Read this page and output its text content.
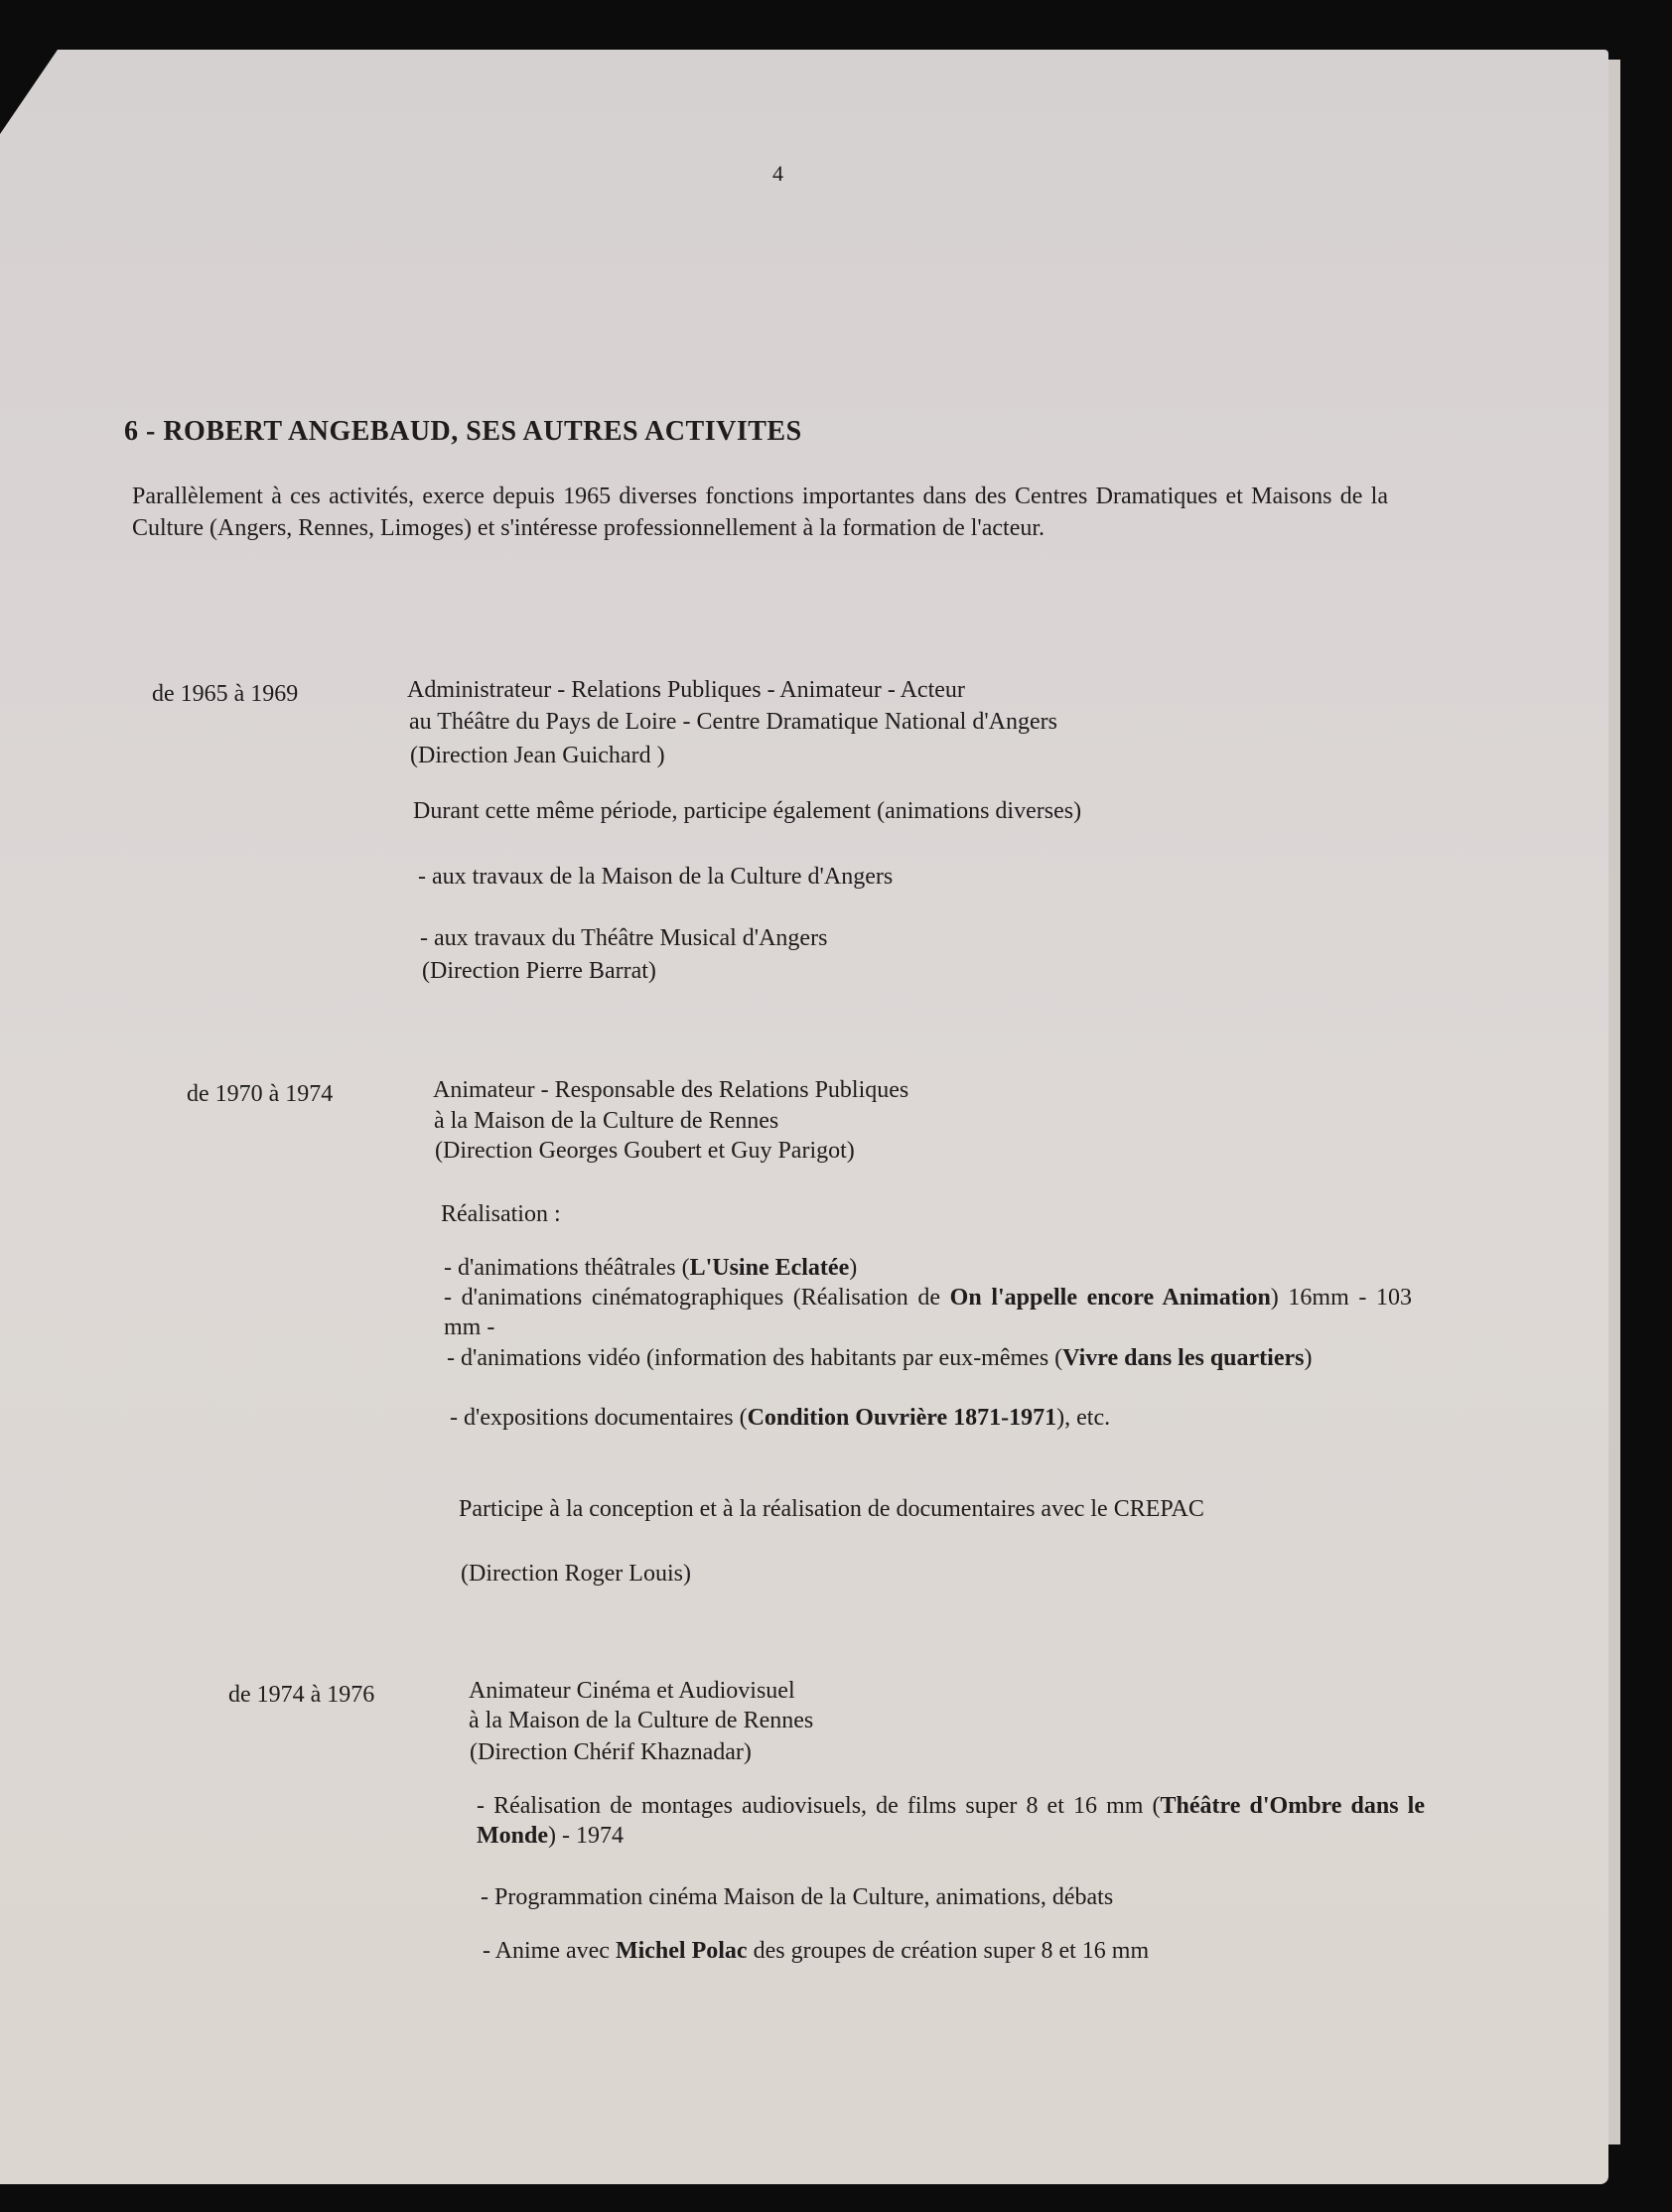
4
6 - ROBERT ANGEBAUD, SES AUTRES ACTIVITES
Parallèlement à ces activités, exerce depuis 1965 diverses fonctions importantes dans des Centres Dramatiques et Maisons de la Culture (Angers, Rennes, Limoges) et s'intéresse professionnellement à la formation de l'acteur.
de 1965 à 1969	Administrateur - Relations Publiques - Animateur - Acteur
au Théâtre du Pays de Loire - Centre Dramatique National d'Angers
(Direction Jean Guichard )
Durant cette même période, participe également (animations diverses)
- aux travaux de la Maison de la Culture d'Angers
- aux travaux du Théâtre Musical d'Angers
(Direction Pierre Barrat)
de 1970 à 1974	Animateur - Responsable des Relations Publiques
à la Maison de la Culture de Rennes
(Direction Georges Goubert et Guy Parigot)
Réalisation :
- d'animations théâtrales (L'Usine Eclatée)
- d'animations cinématographiques (Réalisation de On l'appelle encore Animation) 16mm - 103 mm -
- d'animations vidéo (information des habitants par eux-mêmes (Vivre dans les quartiers)
- d'expositions documentaires (Condition Ouvrière 1871-1971), etc.
Participe à la conception et à la réalisation de documentaires avec le CREPAC
(Direction Roger Louis)
de 1974 à 1976	Animateur Cinéma et Audiovisuel
à la Maison de la Culture de Rennes
(Direction Chérif Khaznadar)
- Réalisation de montages audiovisuels, de films super 8 et 16 mm (Théâtre d'Ombre dans le Monde) - 1974
- Programmation cinéma Maison de la Culture, animations, débats
- Anime avec Michel Polac des groupes de création super 8 et 16 mm
